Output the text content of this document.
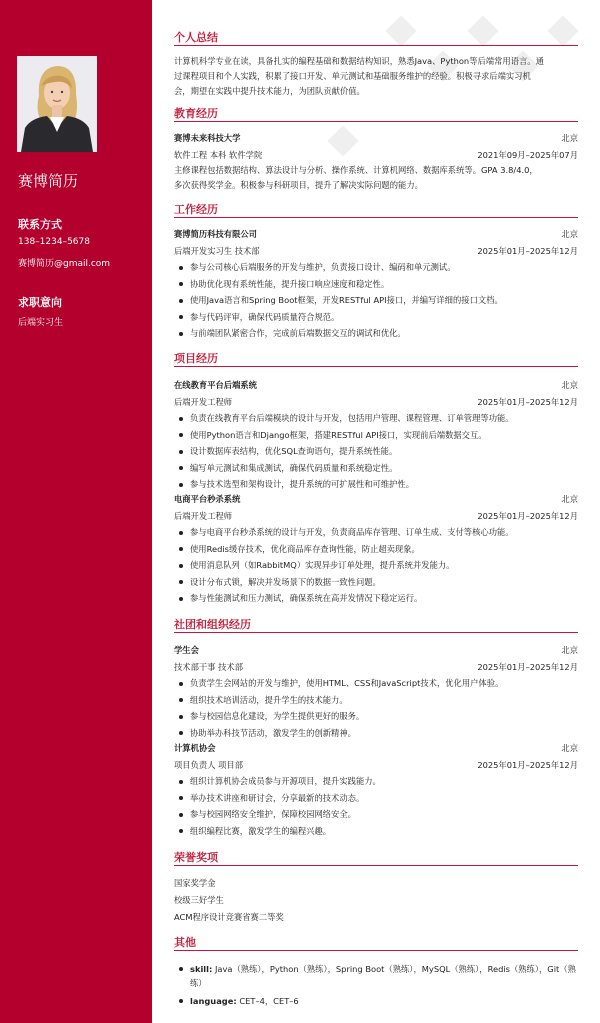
赛博简历
联系方式
138–1234–5678
赛博简历@gmail.com
求职意向
后端实习生
个人总结
计算机科学专业在读，具备扎实的编程基础和数据结构知识，熟悉Java、Python等后端常用语言。通
过课程项目和个人实践，积累了接口开发、单元测试和基础服务维护的经验。积极寻求后端实习机
会，期望在实践中提升技术能力，为团队贡献价值。
教育经历
赛博未来科技大学	北京
软件工程 本科 软件学院	2021年09月–2025年07月
主修课程包括数据结构、算法设计与分析、操作系统、计算机网络、数据库系统等。GPA 3.8/4.0，
多次获得奖学金。积极参与科研项目，提升了解决实际问题的能力。
工作经历
赛博简历科技有限公司	北京
后端开发实习生 技术部	2025年01月–2025年12月
参与公司核心后端服务的开发与维护，负责接口设计、编码和单元测试。
协助优化现有系统性能，提升接口响应速度和稳定性。
使用Java语言和Spring Boot框架，开发RESTful API接口，并编写详细的接口文档。
参与代码评审，确保代码质量符合规范。
与前端团队紧密合作，完成前后端数据交互的调试和优化。
项目经历
在线教育平台后端系统	北京
后端开发工程师	2025年01月–2025年12月
负责在线教育平台后端模块的设计与开发，包括用户管理、课程管理、订单管理等功能。
使用Python语言和Django框架，搭建RESTful API接口，实现前后端数据交互。
设计数据库表结构，优化SQL查询语句，提升系统性能。
编写单元测试和集成测试，确保代码质量和系统稳定性。
参与技术选型和架构设计，提升系统的可扩展性和可维护性。
电商平台秒杀系统	北京
后端开发工程师	2025年01月–2025年12月
参与电商平台秒杀系统的设计与开发，负责商品库存管理、订单生成、支付等核心功能。
使用Redis缓存技术，优化商品库存查询性能，防止超卖现象。
使用消息队列（如RabbitMQ）实现异步订单处理，提升系统并发能力。
设计分布式锁，解决并发场景下的数据一致性问题。
参与性能测试和压力测试，确保系统在高并发情况下稳定运行。
社团和组织经历
学生会	北京
技术部干事 技术部	2025年01月–2025年12月
负责学生会网站的开发与维护，使用HTML、CSS和JavaScript技术，优化用户体验。
组织技术培训活动，提升学生的技术能力。
参与校园信息化建设，为学生提供更好的服务。
协助举办科技节活动，激发学生的创新精神。
计算机协会	北京
项目负责人 项目部	2025年01月–2025年12月
组织计算机协会成员参与开源项目，提升实践能力。
举办技术讲座和研讨会，分享最新的技术动态。
参与校园网络安全维护，保障校园网络安全。
组织编程比赛，激发学生的编程兴趣。
荣誉奖项
国家奖学金
校级三好学生
ACM程序设计竞赛省赛二等奖
其他
skill: Java（熟练），Python（熟练），Spring Boot（熟练），MySQL（熟练），Redis（熟练），Git（熟练）
language: CET–4，CET–6
